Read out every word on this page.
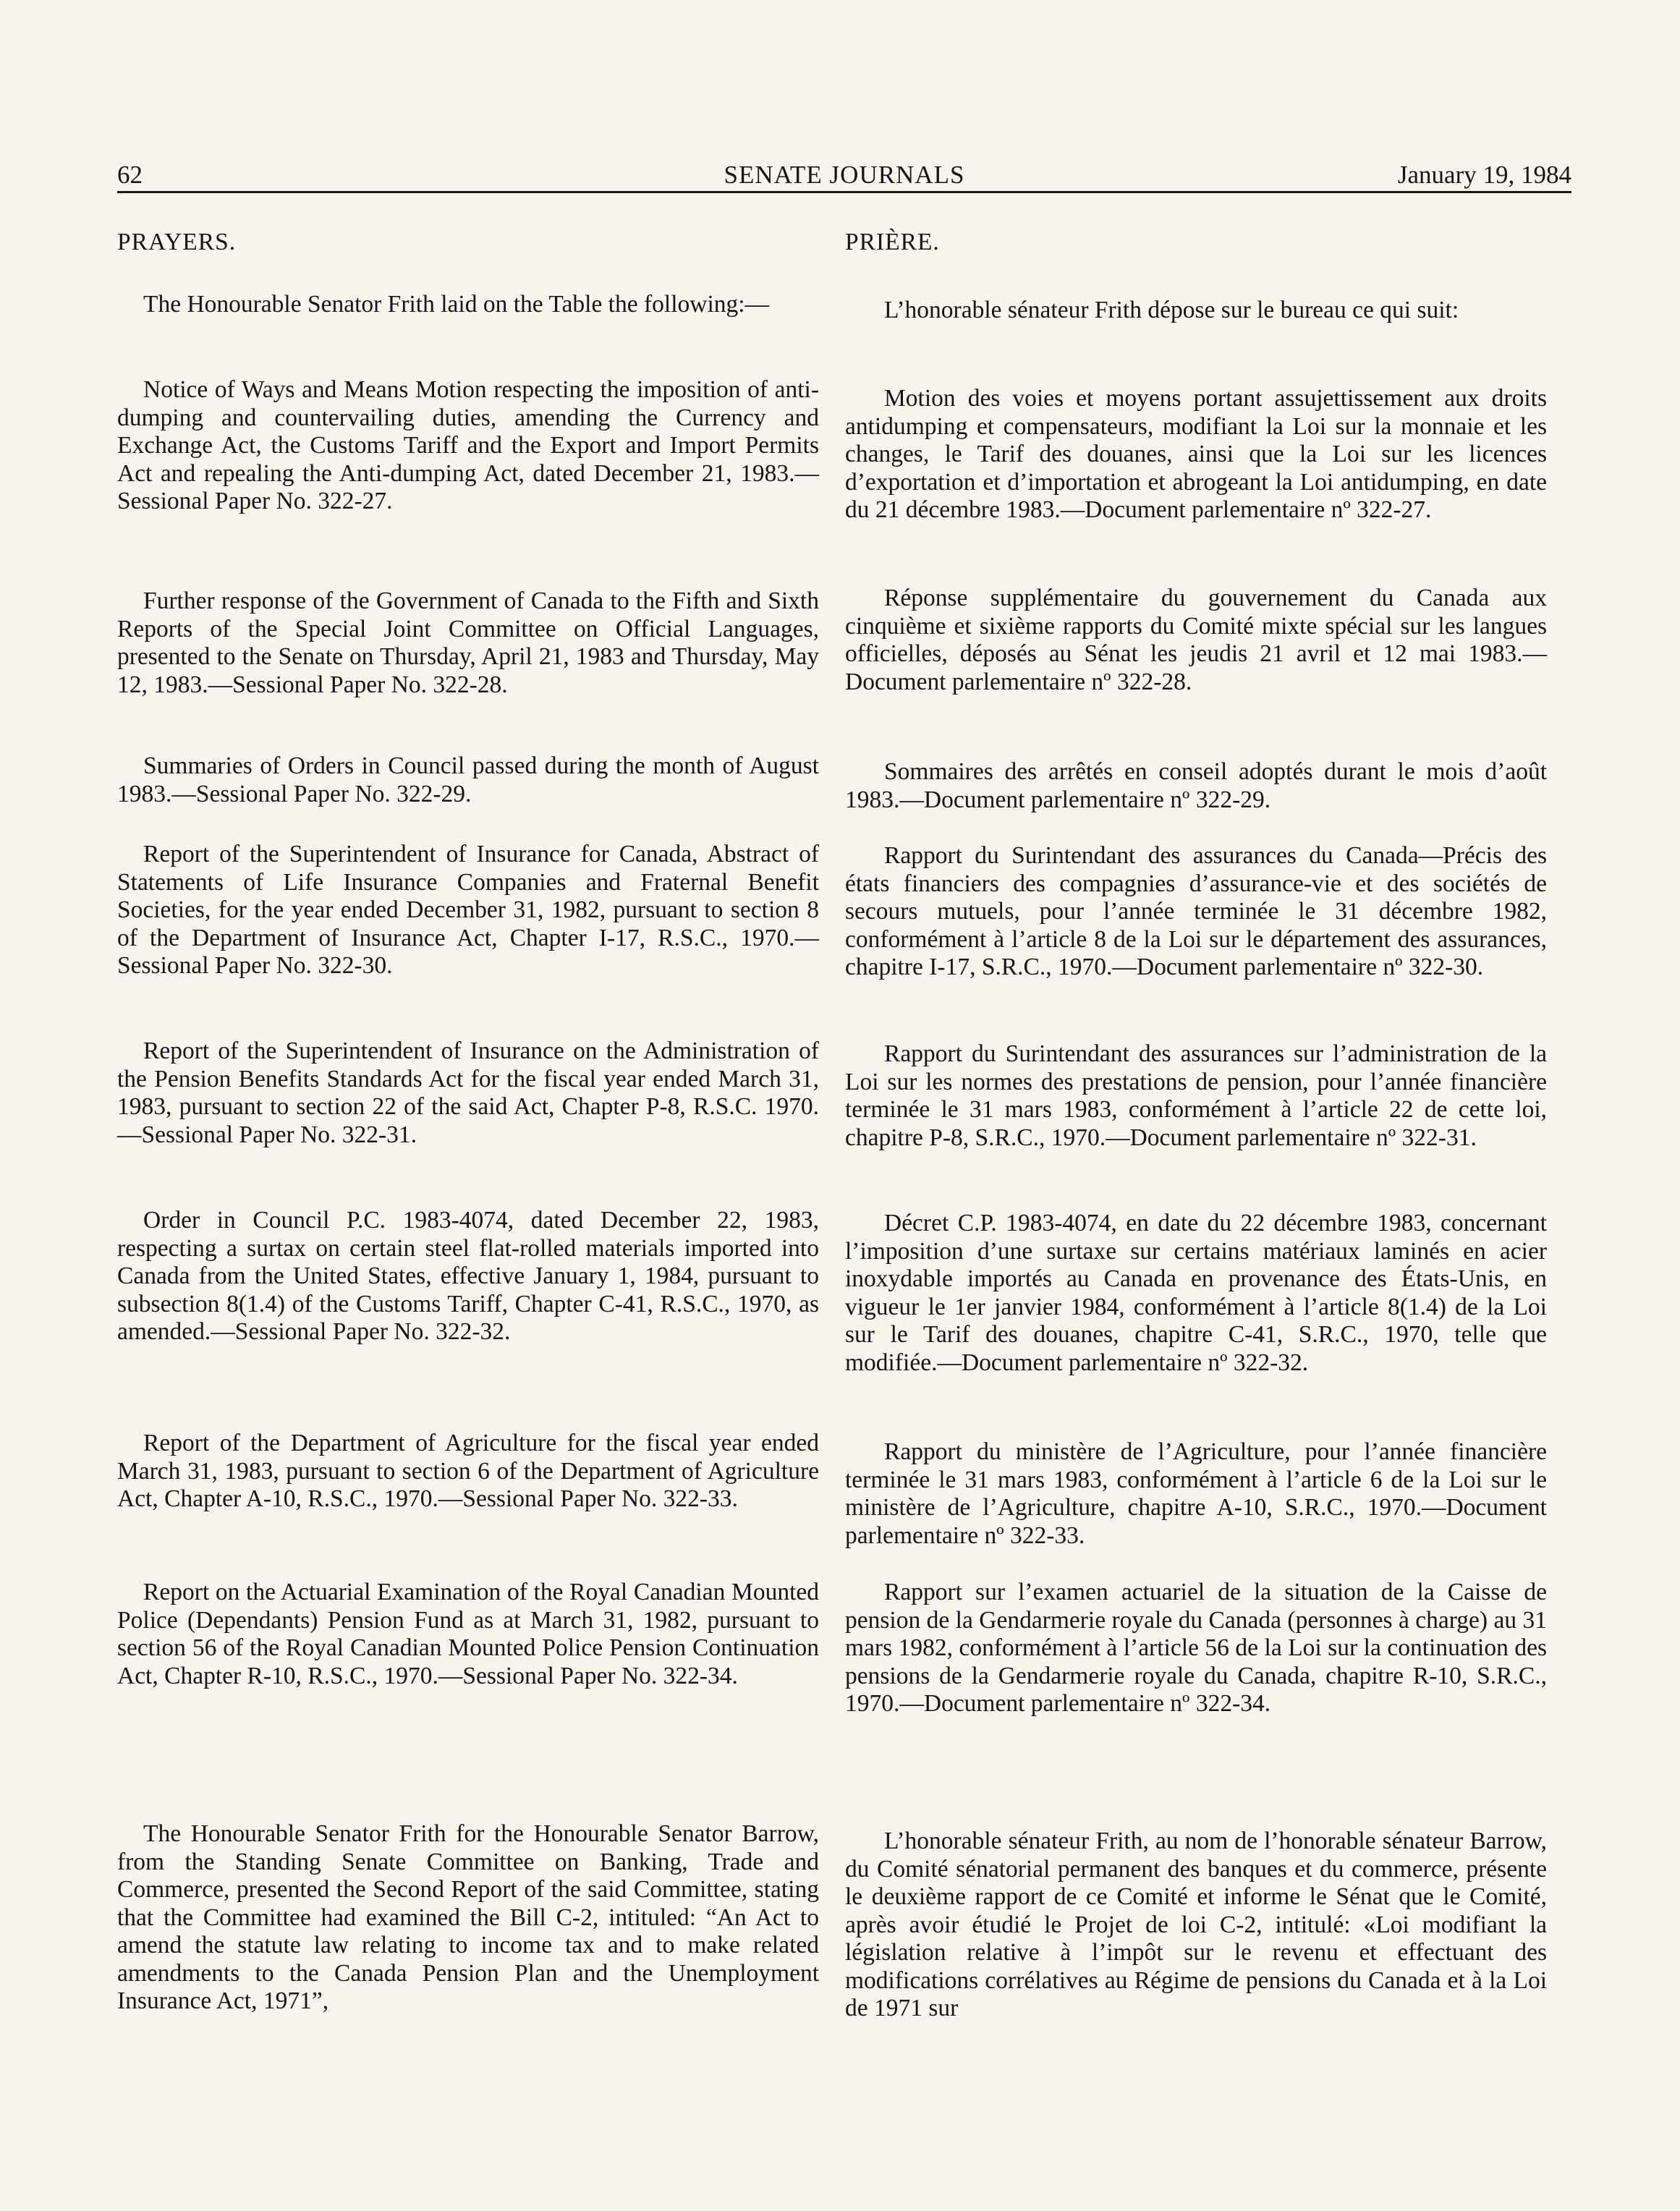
62	SENATE JOURNALS	January 19, 1984

PRAYERS.

The Honourable Senator Frith laid on the Table the following:—

Notice of Ways and Means Motion respecting the imposition of anti-dumping and countervailing duties, amending the Currency and Exchange Act, the Customs Tariff and the Export and Import Permits Act and repealing the Anti-dumping Act, dated December 21, 1983.—Sessional Paper No. 322-27.

Further response of the Government of Canada to the Fifth and Sixth Reports of the Special Joint Committee on Official Languages, presented to the Senate on Thursday, April 21, 1983 and Thursday, May 12, 1983.—Sessional Paper No. 322-28.

Summaries of Orders in Council passed during the month of August 1983.—Sessional Paper No. 322-29.

Report of the Superintendent of Insurance for Canada, Abstract of Statements of Life Insurance Companies and Fraternal Benefit Societies, for the year ended December 31, 1982, pursuant to section 8 of the Department of Insurance Act, Chapter I-17, R.S.C., 1970.—Sessional Paper No. 322-30.

Report of the Superintendent of Insurance on the Administration of the Pension Benefits Standards Act for the fiscal year ended March 31, 1983, pursuant to section 22 of the said Act, Chapter P-8, R.S.C. 1970.—Sessional Paper No. 322-31.

Order in Council P.C. 1983-4074, dated December 22, 1983, respecting a surtax on certain steel flat-rolled materials imported into Canada from the United States, effective January 1, 1984, pursuant to subsection 8(1.4) of the Customs Tariff, Chapter C-41, R.S.C., 1970, as amended.—Sessional Paper No. 322-32.

Report of the Department of Agriculture for the fiscal year ended March 31, 1983, pursuant to section 6 of the Department of Agriculture Act, Chapter A-10, R.S.C., 1970.—Sessional Paper No. 322-33.

Report on the Actuarial Examination of the Royal Canadian Mounted Police (Dependants) Pension Fund as at March 31, 1982, pursuant to section 56 of the Royal Canadian Mounted Police Pension Continuation Act, Chapter R-10, R.S.C., 1970.—Sessional Paper No. 322-34.

The Honourable Senator Frith for the Honourable Senator Barrow, from the Standing Senate Committee on Banking, Trade and Commerce, presented the Second Report of the said Committee, stating that the Committee had examined the Bill C-2, intituled: “An Act to amend the statute law relating to income tax and to make related amendments to the Canada Pension Plan and the Unemployment Insurance Act, 1971”,

PRIÈRE.

L’honorable sénateur Frith dépose sur le bureau ce qui suit:

Motion des voies et moyens portant assujettissement aux droits antidumping et compensateurs, modifiant la Loi sur la monnaie et les changes, le Tarif des douanes, ainsi que la Loi sur les licences d’exportation et d’importation et abrogeant la Loi antidumping, en date du 21 décembre 1983.—Document parlementaire nº 322-27.

Réponse supplémentaire du gouvernement du Canada aux cinquième et sixième rapports du Comité mixte spécial sur les langues officielles, déposés au Sénat les jeudis 21 avril et 12 mai 1983.—Document parlementaire nº 322-28.

Sommaires des arrêtés en conseil adoptés durant le mois d’août 1983.—Document parlementaire nº 322-29.

Rapport du Surintendant des assurances du Canada—Précis des états financiers des compagnies d’assurance-vie et des sociétés de secours mutuels, pour l’année terminée le 31 décembre 1982, conformément à l’article 8 de la Loi sur le département des assurances, chapitre I-17, S.R.C., 1970.—Document parlementaire nº 322-30.

Rapport du Surintendant des assurances sur l’administration de la Loi sur les normes des prestations de pension, pour l’année financière terminée le 31 mars 1983, conformément à l’article 22 de cette loi, chapitre P-8, S.R.C., 1970.—Document parlementaire nº 322-31.

Décret C.P. 1983-4074, en date du 22 décembre 1983, concernant l’imposition d’une surtaxe sur certains matériaux laminés en acier inoxydable importés au Canada en provenance des États-Unis, en vigueur le 1er janvier 1984, conformément à l’article 8(1.4) de la Loi sur le Tarif des douanes, chapitre C-41, S.R.C., 1970, telle que modifiée.—Document parlementaire nº 322-32.

Rapport du ministère de l’Agriculture, pour l’année financière terminée le 31 mars 1983, conformément à l’article 6 de la Loi sur le ministère de l’Agriculture, chapitre A-10, S.R.C., 1970.—Document parlementaire nº 322-33.

Rapport sur l’examen actuariel de la situation de la Caisse de pension de la Gendarmerie royale du Canada (personnes à charge) au 31 mars 1982, conformément à l’article 56 de la Loi sur la continuation des pensions de la Gendarmerie royale du Canada, chapitre R-10, S.R.C., 1970.—Document parlementaire nº 322-34.

L’honorable sénateur Frith, au nom de l’honorable sénateur Barrow, du Comité sénatorial permanent des banques et du commerce, présente le deuxième rapport de ce Comité et informe le Sénat que le Comité, après avoir étudié le Projet de loi C-2, intitulé: «Loi modifiant la législation relative à l’impôt sur le revenu et effectuant des modifications corrélatives au Régime de pensions du Canada et à la Loi de 1971 sur
